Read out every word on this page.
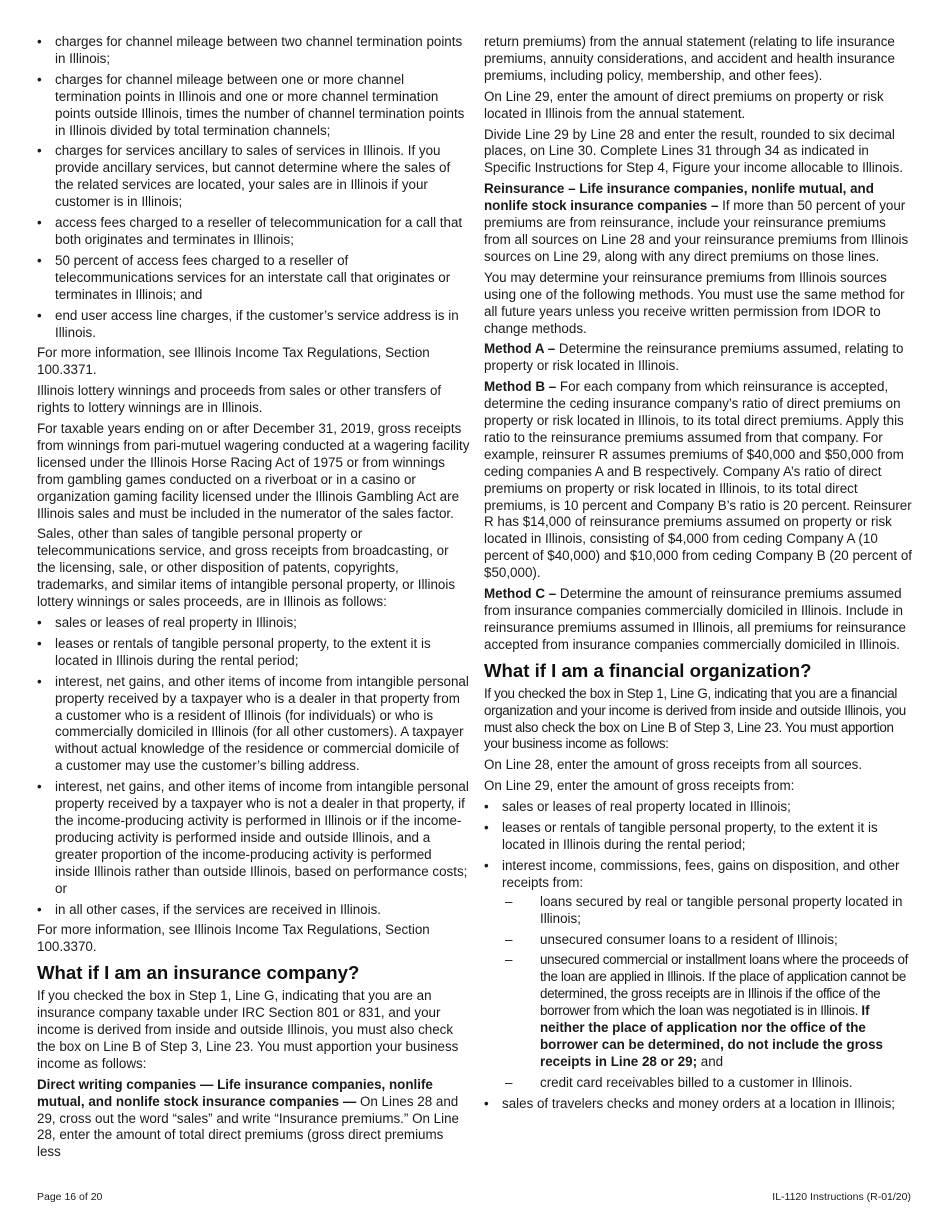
• charges for channel mileage between two channel termination points in Illinois;
• charges for channel mileage between one or more channel termination points in Illinois and one or more channel termination points outside Illinois, times the number of channel termination points in Illinois divided by total termination channels;
• charges for services ancillary to sales of services in Illinois. If you provide ancillary services, but cannot determine where the sales of the related services are located, your sales are in Illinois if your customer is in Illinois;
• access fees charged to a reseller of telecommunication for a call that both originates and terminates in Illinois;
• 50 percent of access fees charged to a reseller of telecommunications services for an interstate call that originates or terminates in Illinois; and
• end user access line charges, if the customer’s service address is in Illinois.

For more information, see Illinois Income Tax Regulations, Section 100.3371.

Illinois lottery winnings and proceeds from sales or other transfers of rights to lottery winnings are in Illinois.

For taxable years ending on or after December 31, 2019, gross receipts from winnings from pari-mutuel wagering conducted at a wagering facility licensed under the Illinois Horse Racing Act of 1975 or from winnings from gambling games conducted on a riverboat or in a casino or organization gaming facility licensed under the Illinois Gambling Act are Illinois sales and must be included in the numerator of the sales factor.

Sales, other than sales of tangible personal property or telecommunications service, and gross receipts from broadcasting, or the licensing, sale, or other disposition of patents, copyrights, trademarks, and similar items of intangible personal property, or Illinois lottery winnings or sales proceeds, are in Illinois as follows:

• sales or leases of real property in Illinois;
• leases or rentals of tangible personal property, to the extent it is located in Illinois during the rental period;
• interest, net gains, and other items of income from intangible personal property received by a taxpayer who is a dealer in that property from a customer who is a resident of Illinois (for individuals) or who is commercially domiciled in Illinois (for all other customers). A taxpayer without actual knowledge of the residence or commercial domicile of a customer may use the customer’s billing address.
• interest, net gains, and other items of income from intangible personal property received by a taxpayer who is not a dealer in that property, if the income-producing activity is performed in Illinois or if the income-producing activity is performed inside and outside Illinois, and a greater proportion of the income-producing activity is performed inside Illinois rather than outside Illinois, based on performance costs; or
• in all other cases, if the services are received in Illinois.

For more information, see Illinois Income Tax Regulations, Section 100.3370.

What if I am an insurance company?

If you checked the box in Step 1, Line G, indicating that you are an insurance company taxable under IRC Section 801 or 831, and your income is derived from inside and outside Illinois, you must also check the box on Line B of Step 3, Line 23. You must apportion your business income as follows:

Direct writing companies — Life insurance companies, nonlife mutual, and nonlife stock insurance companies — On Lines 28 and 29, cross out the word “sales” and write “Insurance premiums.” On Line 28, enter the amount of total direct premiums (gross direct premiums less

return premiums) from the annual statement (relating to life insurance premiums, annuity considerations, and accident and health insurance premiums, including policy, membership, and other fees).

On Line 29, enter the amount of direct premiums on property or risk located in Illinois from the annual statement.

Divide Line 29 by Line 28 and enter the result, rounded to six decimal places, on Line 30. Complete Lines 31 through 34 as indicated in Specific Instructions for Step 4, Figure your income allocable to Illinois.

Reinsurance – Life insurance companies, nonlife mutual, and nonlife stock insurance companies – If more than 50 percent of your premiums are from reinsurance, include your reinsurance premiums from all sources on Line 28 and your reinsurance premiums from Illinois sources on Line 29, along with any direct premiums on those lines.

You may determine your reinsurance premiums from Illinois sources using one of the following methods. You must use the same method for all future years unless you receive written permission from IDOR to change methods.

Method A – Determine the reinsurance premiums assumed, relating to property or risk located in Illinois.

Method B – For each company from which reinsurance is accepted, determine the ceding insurance company’s ratio of direct premiums on property or risk located in Illinois, to its total direct premiums. Apply this ratio to the reinsurance premiums assumed from that company. For example, reinsurer R assumes premiums of $40,000 and $50,000 from ceding companies A and B respectively. Company A’s ratio of direct premiums on property or risk located in Illinois, to its total direct premiums, is 10 percent and Company B’s ratio is 20 percent. Reinsurer R has $14,000 of reinsurance premiums assumed on property or risk located in Illinois, consisting of $4,000 from ceding Company A (10 percent of $40,000) and $10,000 from ceding Company B (20 percent of $50,000).

Method C – Determine the amount of reinsurance premiums assumed from insurance companies commercially domiciled in Illinois. Include in reinsurance premiums assumed in Illinois, all premiums for reinsurance accepted from insurance companies commercially domiciled in Illinois.

What if I am a financial organization?

If you checked the box in Step 1, Line G, indicating that you are a financial organization and your income is derived from inside and outside Illinois, you must also check the box on Line B of Step 3, Line 23. You must apportion your business income as follows:

On Line 28, enter the amount of gross receipts from all sources.

On Line 29, enter the amount of gross receipts from:

• sales or leases of real property located in Illinois;
• leases or rentals of tangible personal property, to the extent it is located in Illinois during the rental period;
• interest income, commissions, fees, gains on disposition, and other receipts from:
– loans secured by real or tangible personal property located in Illinois;
– unsecured consumer loans to a resident of Illinois;
– unsecured commercial or installment loans where the proceeds of the loan are applied in Illinois. If the place of application cannot be determined, the gross receipts are in Illinois if the office of the borrower from which the loan was negotiated is in Illinois. If neither the place of application nor the office of the borrower can be determined, do not include the gross receipts in Line 28 or 29; and
– credit card receivables billed to a customer in Illinois.
• sales of travelers checks and money orders at a location in Illinois;
Page 16 of 20	IL-1120 Instructions (R-01/20)
